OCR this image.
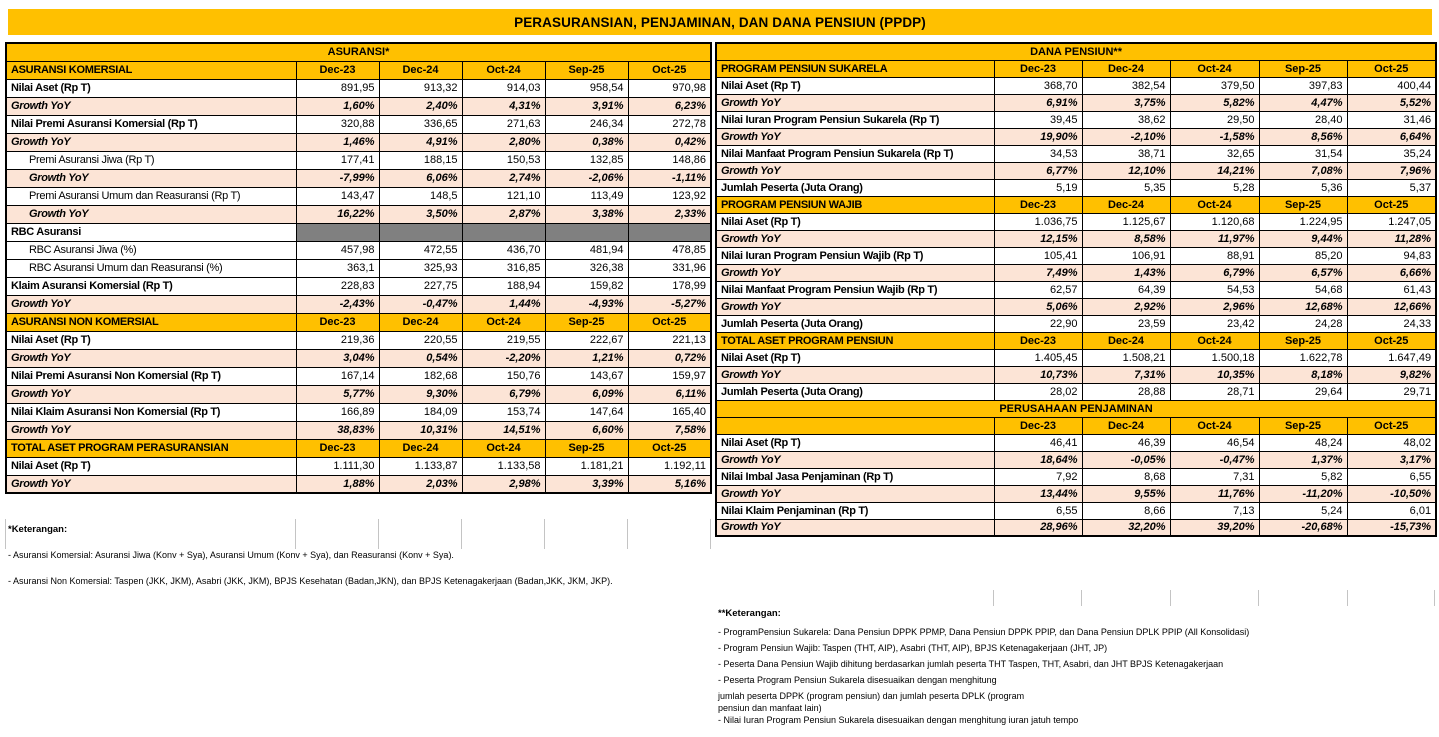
PERASURANSIAN, PENJAMINAN, DAN DANA PENSIUN (PPDP)
ASURANSI*					
ASURANSI KOMERSIAL	Dec-23	Dec-24	Oct-24	Sep-25	Oct-25
Nilai Aset (Rp T)	891,95	913,32	914,03	958,54	970,98
Growth YoY	1,60%	2,40%	4,31%	3,91%	6,23%
Nilai Premi Asuransi Komersial (Rp T)	320,88	336,65	271,63	246,34	272,78
Growth YoY	1,46%	4,91%	2,80%	0,38%	0,42%
Premi Asuransi Jiwa (Rp T)	177,41	188,15	150,53	132,85	148,86
Growth YoY	-7,99%	6,06%	2,74%	-2,06%	-1,11%
Premi Asuransi Umum dan Reasuransi (Rp T)	143,47	148,5	121,10	113,49	123,92
Growth YoY	16,22%	3,50%	2,87%	3,38%	2,33%
RBC Asuransi					
RBC Asuransi Jiwa (%)	457,98	472,55	436,70	481,94	478,85
RBC Asuransi Umum dan Reasuransi (%)	363,1	325,93	316,85	326,38	331,96
Klaim Asuransi Komersial (Rp T)	228,83	227,75	188,94	159,82	178,99
Growth YoY	-2,43%	-0,47%	1,44%	-4,93%	-5,27%
ASURANSI NON KOMERSIAL	Dec-23	Dec-24	Oct-24	Sep-25	Oct-25
Nilai Aset (Rp T)	219,36	220,55	219,55	222,67	221,13
Growth YoY	3,04%	0,54%	-2,20%	1,21%	0,72%
Nilai Premi Asuransi Non Komersial (Rp T)	167,14	182,68	150,76	143,67	159,97
Growth YoY	5,77%	9,30%	6,79%	6,09%	6,11%
Nilai Klaim Asuransi Non Komersial (Rp T)	166,89	184,09	153,74	147,64	165,40
Growth YoY	38,83%	10,31%	14,51%	6,60%	7,58%
TOTAL ASET PROGRAM PERASURANSIAN	Dec-23	Dec-24	Oct-24	Sep-25	Oct-25
Nilai Aset (Rp T)	1.111,30	1.133,87	1.133,58	1.181,21	1.192,11
Growth YoY	1,88%	2,03%	2,98%	3,39%	5,16%
DANA PENSIUN**					
PROGRAM PENSIUN SUKARELA	Dec-23	Dec-24	Oct-24	Sep-25	Oct-25
Nilai Aset (Rp T)	368,70	382,54	379,50	397,83	400,44
Growth YoY	6,91%	3,75%	5,82%	4,47%	5,52%
Nilai Iuran Program Pensiun Sukarela (Rp T)	39,45	38,62	29,50	28,40	31,46
Growth YoY	19,90%	-2,10%	-1,58%	8,56%	6,64%
Nilai Manfaat Program Pensiun Sukarela (Rp T)	34,53	38,71	32,65	31,54	35,24
Growth YoY	6,77%	12,10%	14,21%	7,08%	7,96%
Jumlah Peserta (Juta Orang)	5,19	5,35	5,28	5,36	5,37
PROGRAM PENSIUN WAJIB	Dec-23	Dec-24	Oct-24	Sep-25	Oct-25
Nilai Aset (Rp T)	1.036,75	1.125,67	1.120,68	1.224,95	1.247,05
Growth YoY	12,15%	8,58%	11,97%	9,44%	11,28%
Nilai Iuran Program Pensiun Wajib (Rp T)	105,41	106,91	88,91	85,20	94,83
Growth YoY	7,49%	1,43%	6,79%	6,57%	6,66%
Nilai Manfaat Program Pensiun Wajib (Rp T)	62,57	64,39	54,53	54,68	61,43
Growth YoY	5,06%	2,92%	2,96%	12,68%	12,66%
Jumlah Peserta (Juta Orang)	22,90	23,59	23,42	24,28	24,33
TOTAL ASET PROGRAM PENSIUN	Dec-23	Dec-24	Oct-24	Sep-25	Oct-25
Nilai Aset (Rp T)	1.405,45	1.508,21	1.500,18	1.622,78	1.647,49
Growth YoY	10,73%	7,31%	10,35%	8,18%	9,82%
Jumlah Peserta (Juta Orang)	28,02	28,88	28,71	29,64	29,71
PERUSAHAAN PENJAMINAN					
	Dec-23	Dec-24	Oct-24	Sep-25	Oct-25
Nilai Aset (Rp T)	46,41	46,39	46,54	48,24	48,02
Growth YoY	18,64%	-0,05%	-0,47%	1,37%	3,17%
Nilai Imbal Jasa Penjaminan (Rp T)	7,92	8,68	7,31	5,82	6,55
Growth YoY	13,44%	9,55%	11,76%	-11,20%	-10,50%
Nilai Klaim Penjaminan (Rp T)	6,55	8,66	7,13	5,24	6,01
Growth YoY	28,96%	32,20%	39,20%	-20,68%	-15,73%
*Keterangan:
- Asuransi Komersial: Asuransi Jiwa (Konv + Sya), Asuransi Umum (Konv + Sya), dan Reasuransi (Konv + Sya).
- Asuransi Non Komersial: Taspen (JKK, JKM), Asabri (JKK, JKM), BPJS Kesehatan (Badan,JKN), dan BPJS Ketenagakerjaan (Badan,JKK, JKM, JKP).
**Keterangan:
- ProgramPensiun Sukarela: Dana Pensiun DPPK PPMP, Dana Pensiun DPPK PPIP, dan Dana Pensiun DPLK PPIP (All Konsolidasi)
- Program Pensiun Wajib: Taspen (THT, AIP), Asabri (THT, AIP), BPJS Ketenagakerjaan (JHT, JP)
- Peserta Dana Pensiun Wajib dihitung berdasarkan jumlah peserta THT Taspen, THT, Asabri, dan JHT BPJS Ketenagakerjaan
- Peserta Program Pensiun Sukarela disesuaikan dengan menghitung
jumlah peserta DPPK (program pensiun) dan jumlah peserta DPLK (program
pensiun dan manfaat lain)
- Nilai Iuran Program Pensiun Sukarela disesuaikan dengan menghitung iuran jatuh tempo
